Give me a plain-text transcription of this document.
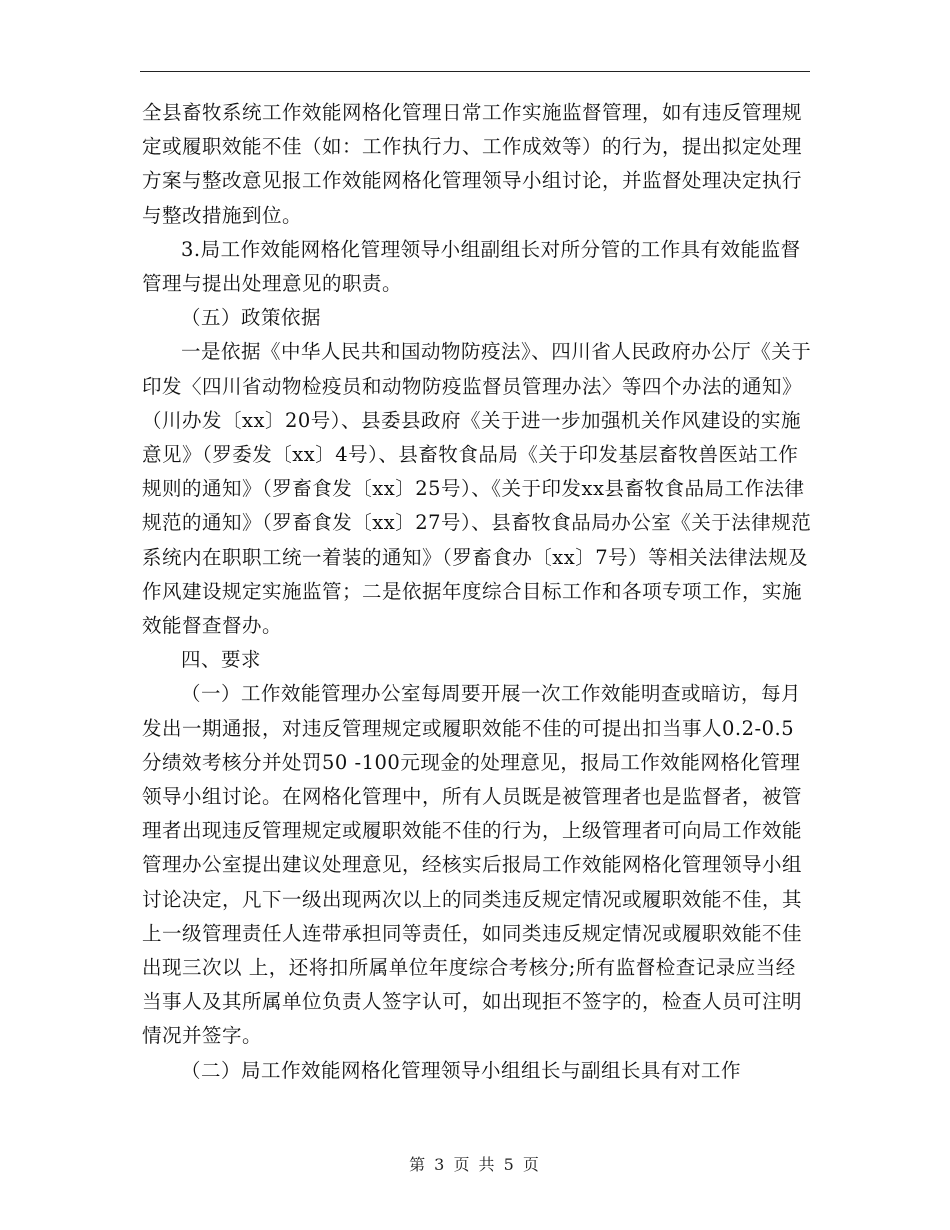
全县畜牧系统工作效能网格化管理日常工作实施监督管理，如有违反管理规定或履职效能不佳（如：工作执行力、工作成效等）的行为，提出拟定处理方案与整改意见报工作效能网格化管理领导小组讨论，并监督处理决定执行与整改措施到位。

3.局工作效能网格化管理领导小组副组长对所分管的工作具有效能监督管理与提出处理意见的职责。

（五）政策依据

一是依据《中华人民共和国动物防疫法》、四川省人民政府办公厅《关于印发〈四川省动物检疫员和动物防疫监督员管理办法〉等四个办法的通知》（川办发〔xx〕20号）、县委县政府《关于进一步加强机关作风建设的实施意见》（罗委发〔xx〕4号）、县畜牧食品局《关于印发基层畜牧兽医站工作规则的通知》（罗畜食发〔xx〕25号）、《关于印发xx县畜牧食品局工作法律规范的通知》（罗畜食发〔xx〕27号）、县畜牧食品局办公室《关于法律规范系统内在职职工统一着装的通知》（罗畜食办〔xx〕7号）等相关法律法规及作风建设规定实施监管；二是依据年度综合目标工作和各项专项工作，实施效能督查督办。

四、要求

（一）工作效能管理办公室每周要开展一次工作效能明查或暗访，每月发出一期通报，对违反管理规定或履职效能不佳的可提出扣当事人0.2-0.5分绩效考核分并处罚50 -100元现金的处理意见，报局工作效能网格化管理领导小组讨论。在网格化管理中，所有人员既是被管理者也是监督者，被管理者出现违反管理规定或履职效能不佳的行为，上级管理者可向局工作效能管理办公室提出建议处理意见，经核实后报局工作效能网格化管理领导小组讨论决定，凡下一级出现两次以上的同类违反规定情况或履职效能不佳，其上一级管理责任人连带承担同等责任，如同类违反规定情况或履职效能不佳出现三次以 上，还将扣所属单位年度综合考核分;所有监督检查记录应当经当事人及其所属单位负责人签字认可，如出现拒不签字的，检查人员可注明情况并签字。

（二）局工作效能网格化管理领导小组组长与副组长具有对工作

第 3 页 共 5 页
